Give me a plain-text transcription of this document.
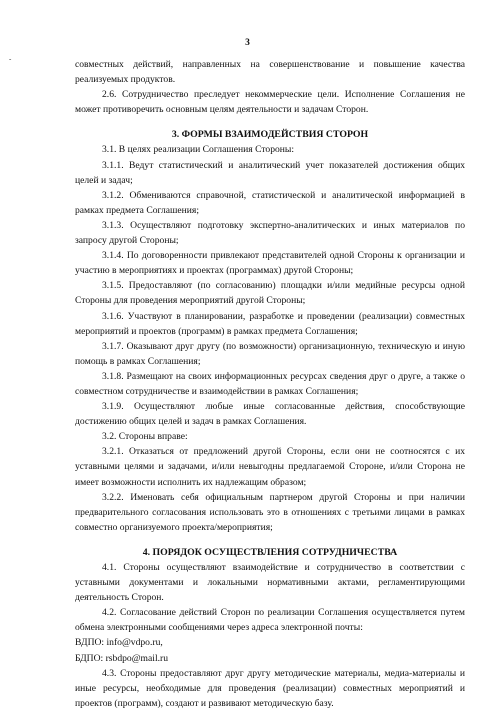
3
-	совместных действий, направленных на совершенствование и повышение качества реализуемых продуктов.

2.6. Сотрудничество преследует некоммерческие цели. Исполнение Соглашения не может противоречить основным целям деятельности и задачам Сторон.

3. ФОРМЫ ВЗАИМОДЕЙСТВИЯ СТОРОН

3.1. В целях реализации Соглашения Стороны:

3.1.1. Ведут статистический и аналитический учет показателей достижения общих целей и задач;

3.1.2. Обмениваются справочной, статистической и аналитической информацией в рамках предмета Соглашения;

3.1.3. Осуществляют подготовку экспертно-аналитических и иных материалов по запросу другой Стороны;

3.1.4. По договоренности привлекают представителей одной Стороны к организации и участию в мероприятиях и проектах (программах) другой Стороны;

3.1.5. Предоставляют (по согласованию) площадки и/или медийные ресурсы одной Стороны для проведения мероприятий другой Стороны;

3.1.6. Участвуют в планировании, разработке и проведении (реализации) совместных мероприятий и проектов (программ) в рамках предмета Соглашения;

3.1.7. Оказывают друг другу (по возможности) организационную, техническую и иную помощь в рамках Соглашения;

3.1.8. Размещают на своих информационных ресурсах сведения друг о друге, а также о совместном сотрудничестве и взаимодействии в рамках Соглашения;

3.1.9. Осуществляют любые иные согласованные действия, способствующие достижению общих целей и задач в рамках Соглашения.

3.2. Стороны вправе:

3.2.1. Отказаться от предложений другой Стороны, если они не соотносятся с их уставными целями и задачами, и/или невыгодны предлагаемой Стороне, и/или Сторона не имеет возможности исполнить их надлежащим образом;

3.2.2. Именовать себя официальным партнером другой Стороны и при наличии предварительного согласования использовать это в отношениях с третьими лицами в рамках совместно организуемого проекта/мероприятия;

4. ПОРЯДОК ОСУЩЕСТВЛЕНИЯ СОТРУДНИЧЕСТВА

4.1. Стороны осуществляют взаимодействие и сотрудничество в соответствии с уставными документами и локальными нормативными актами, регламентирующими деятельность Сторон.

4.2. Согласование действий Сторон по реализации Соглашения осуществляется путем обмена электронными сообщениями через адреса электронной почты:

ВДПО: info@vdpo.ru,

БДПО: rsbdpo@mail.ru

4.3. Стороны предоставляют друг другу методические материалы, медиа-материалы и иные ресурсы, необходимые для проведения (реализации) совместных мероприятий и проектов (программ), создают и развивают методическую базу.
